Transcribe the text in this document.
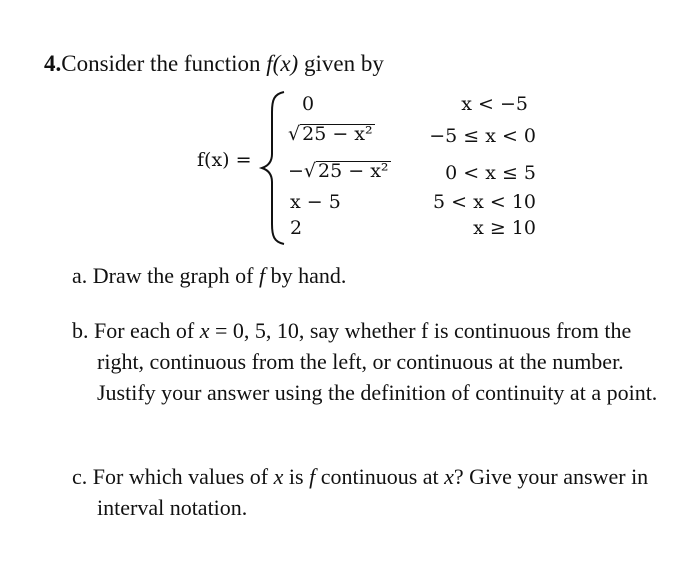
4.Consider the function f(x) given by
f(x) =
0	x < −5
√ 25 − x²	−5 ≤ x < 0
−√ 25 − x²	0 < x ≤ 5
x − 5	5 < x < 10
2	x ≥ 10
a. Draw the graph of f by hand.
b. For each of x = 0, 5, 10, say whether f is continuous from the right, continuous from the left, or continuous at the number. Justify your answer using the definition of continuity at a point.
c. For which values of x is f continuous at x? Give your answer in interval notation.
